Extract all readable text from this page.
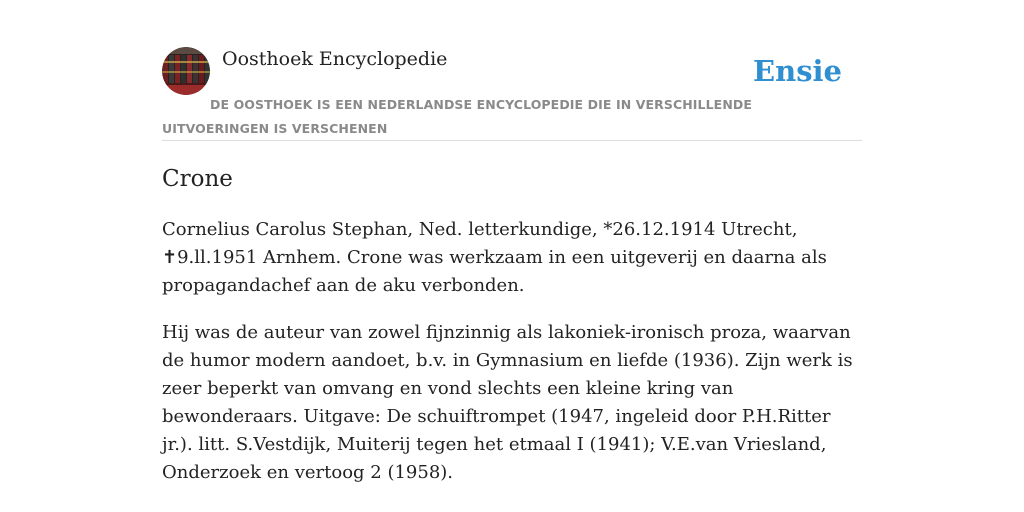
Oosthoek Encyclopedie	Ensie
DE OOSTHOEK IS EEN NEDERLANDSE ENCYCLOPEDIE DIE IN VERSCHILLENDE UITVOERINGEN IS VERSCHENEN
Crone

Cornelius Carolus Stephan, Ned. letterkundige, *26.12.1914 Utrecht, ✝9.ll.1951 Arnhem. Crone was werkzaam in een uitgeverij en daarna als propagandachef aan de aku verbonden.

Hij was de auteur van zowel fijnzinnig als lakoniek-ironisch proza, waarvan de humor modern aandoet, b.v. in Gymnasium en liefde (1936). Zijn werk is zeer beperkt van omvang en vond slechts een kleine kring van bewonderaars. Uitgave: De schuiftrompet (1947, ingeleid door P.H.Ritter jr.). litt. S.Vestdijk, Muiterij tegen het etmaal I (1941); V.E.van Vriesland, Onderzoek en vertoog 2 (1958).
